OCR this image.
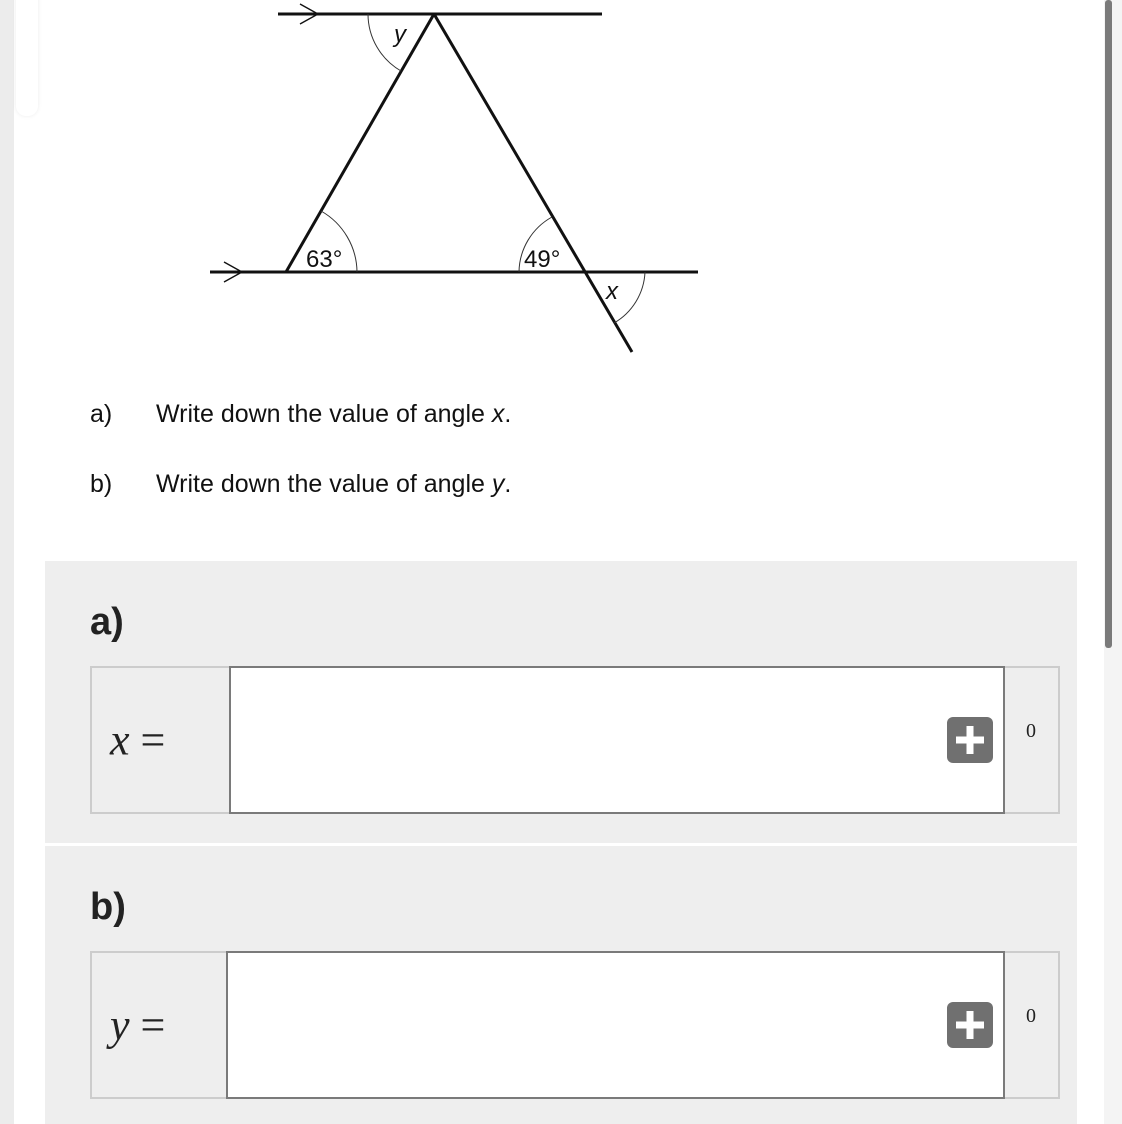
y
63°	49°
x
a) Write down the value of angle x.
b) Write down the value of angle y.
a)
x =	0
b)
y =	0
